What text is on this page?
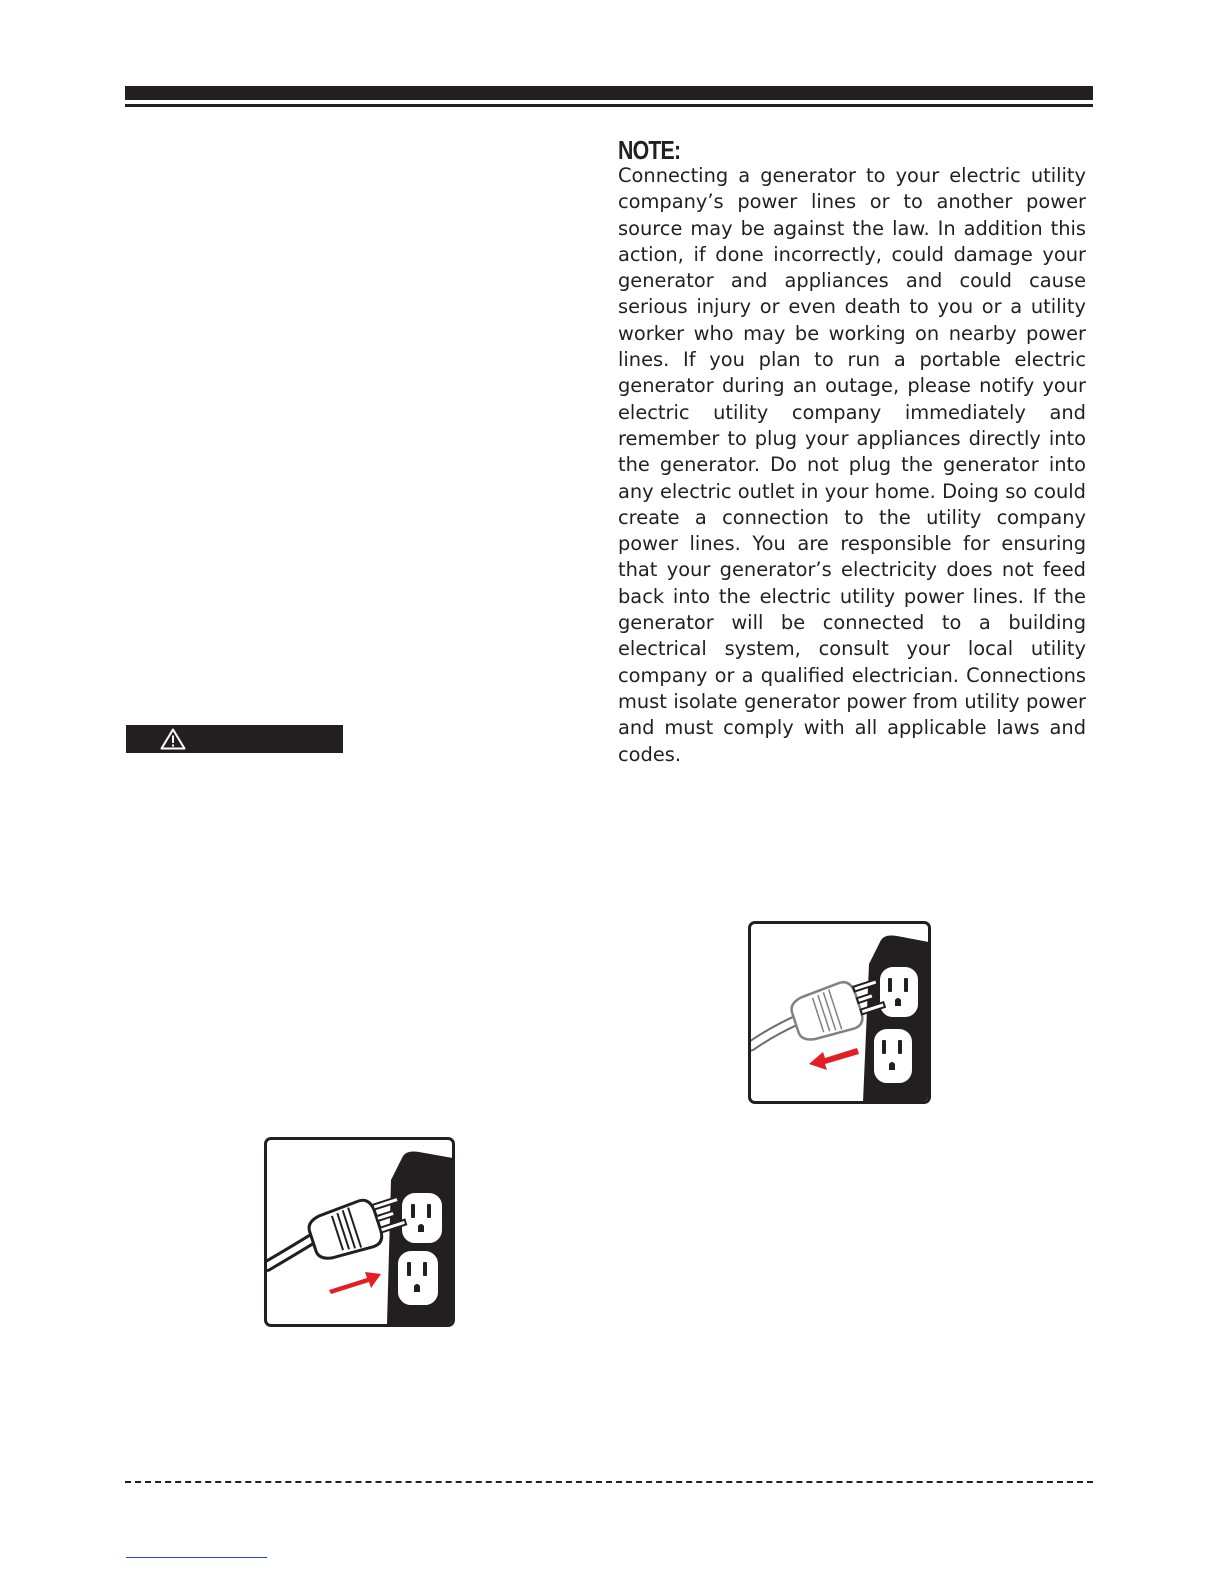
NOTE:
Connecting a generator to your electric utility company’s power lines or to another power source may be against the law. In addition this action, if done incorrectly, could damage your generator and appliances and could cause serious injury or even death to you or a utility worker who may be working on nearby power lines. If you plan to run a portable electric generator during an outage, please notify your electric utility company immediately and remember to plug your appliances directly into the generator. Do not plug the generator into any electric outlet in your home. Doing so could create a connection to the utility company power lines. You are responsible for ensuring that your generator’s electricity does not feed back into the electric utility power lines. If the generator will be connected to a building electrical system, consult your local utility company or a qualified electrician. Connections must isolate generator power from utility power and must comply with all applicable laws and codes.
